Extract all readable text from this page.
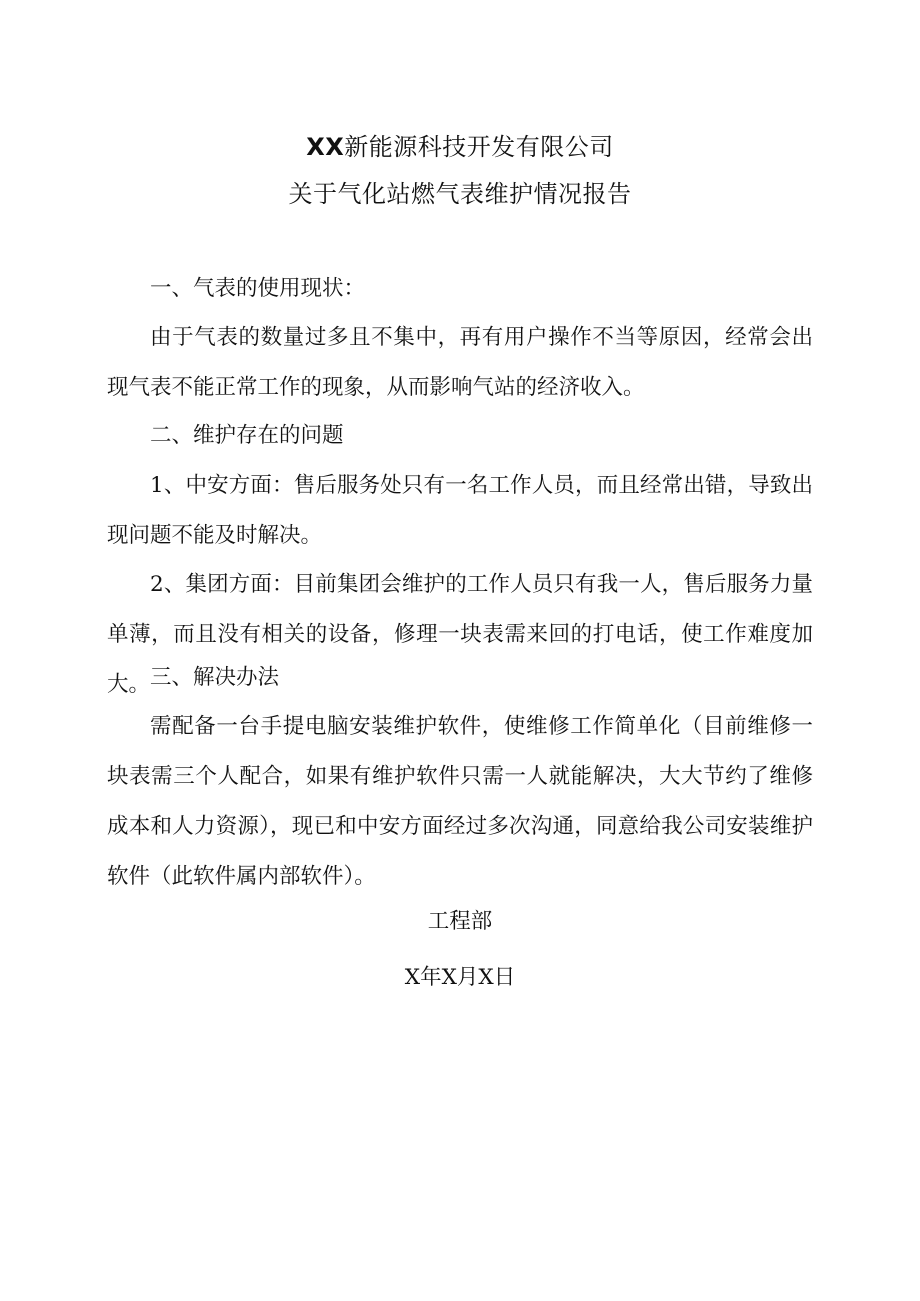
XX新能源科技开发有限公司
关于气化站燃气表维护情况报告
一、气表的使用现状：
由于气表的数量过多且不集中，再有用户操作不当等原因，经常会出现气表不能正常工作的现象，从而影响气站的经济收入。
二、维护存在的问题
1、中安方面：售后服务处只有一名工作人员，而且经常出错，导致出现问题不能及时解决。
2、集团方面：目前集团会维护的工作人员只有我一人，售后服务力量单薄，而且没有相关的设备，修理一块表需来回的打电话，使工作难度加大。 三、解决办法
需配备一台手提电脑安装维护软件，使维修工作简单化（目前维修一块表需三个人配合，如果有维护软件只需一人就能解决，大大节约了维修成本和人力资源），现已和中安方面经过多次沟通，同意给我公司安装维护软件（此软件属内部软件）。
工程部
X年X月X日
